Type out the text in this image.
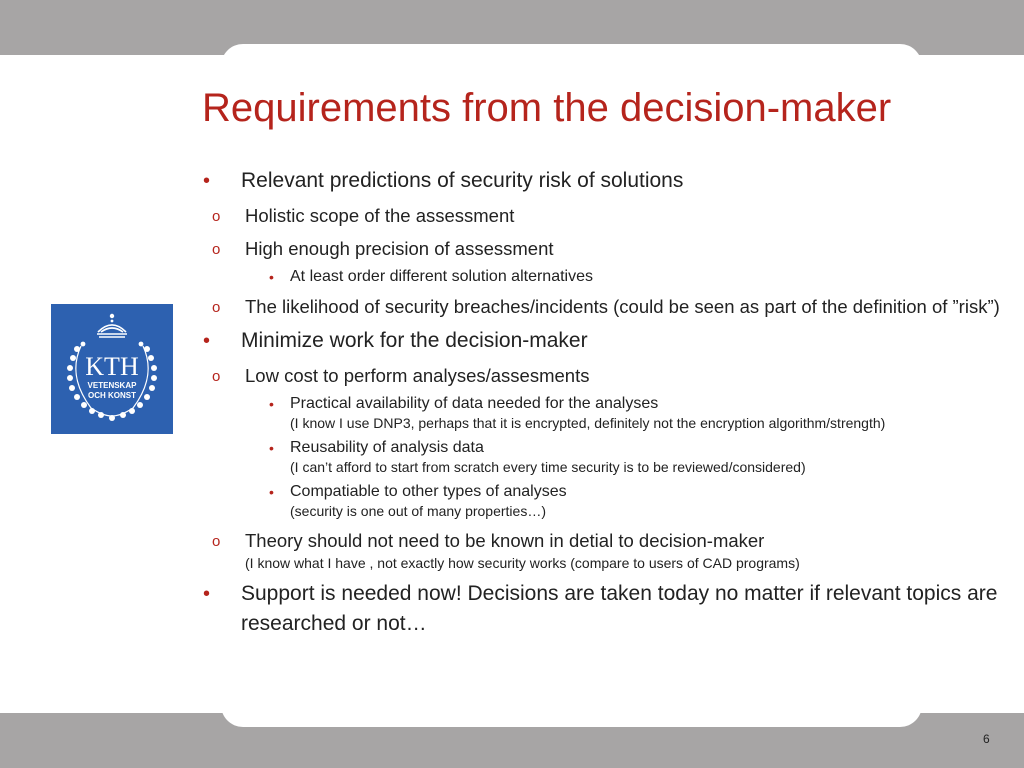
Requirements from the decision-maker
KTH
VETENSKAP
OCH KONST
• Relevant predictions of security risk of solutions
o Holistic scope of the assessment
o High enough precision of assessment
• At least order different solution alternatives
o The likelihood of security breaches/incidents (could be seen as part of the definition of ”risk”)
• Minimize work for the decision-maker
o Low cost to perform analyses/assesments
• Practical availability of data needed for the analyses
(I know I use DNP3, perhaps that it is encrypted, definitely not the encryption algorithm/strength)
• Reusability of analysis data
(I can’t afford to start from scratch every time security is to be reviewed/considered)
• Compatiable to other types of analyses
(security is one out of many properties…)
o Theory should not need to be known in detial to decision-maker
(I know what I have , not exactly how security works (compare to users of CAD programs)
• Support is needed now! Decisions are taken today no matter if relevant topics are researched or not…
6
